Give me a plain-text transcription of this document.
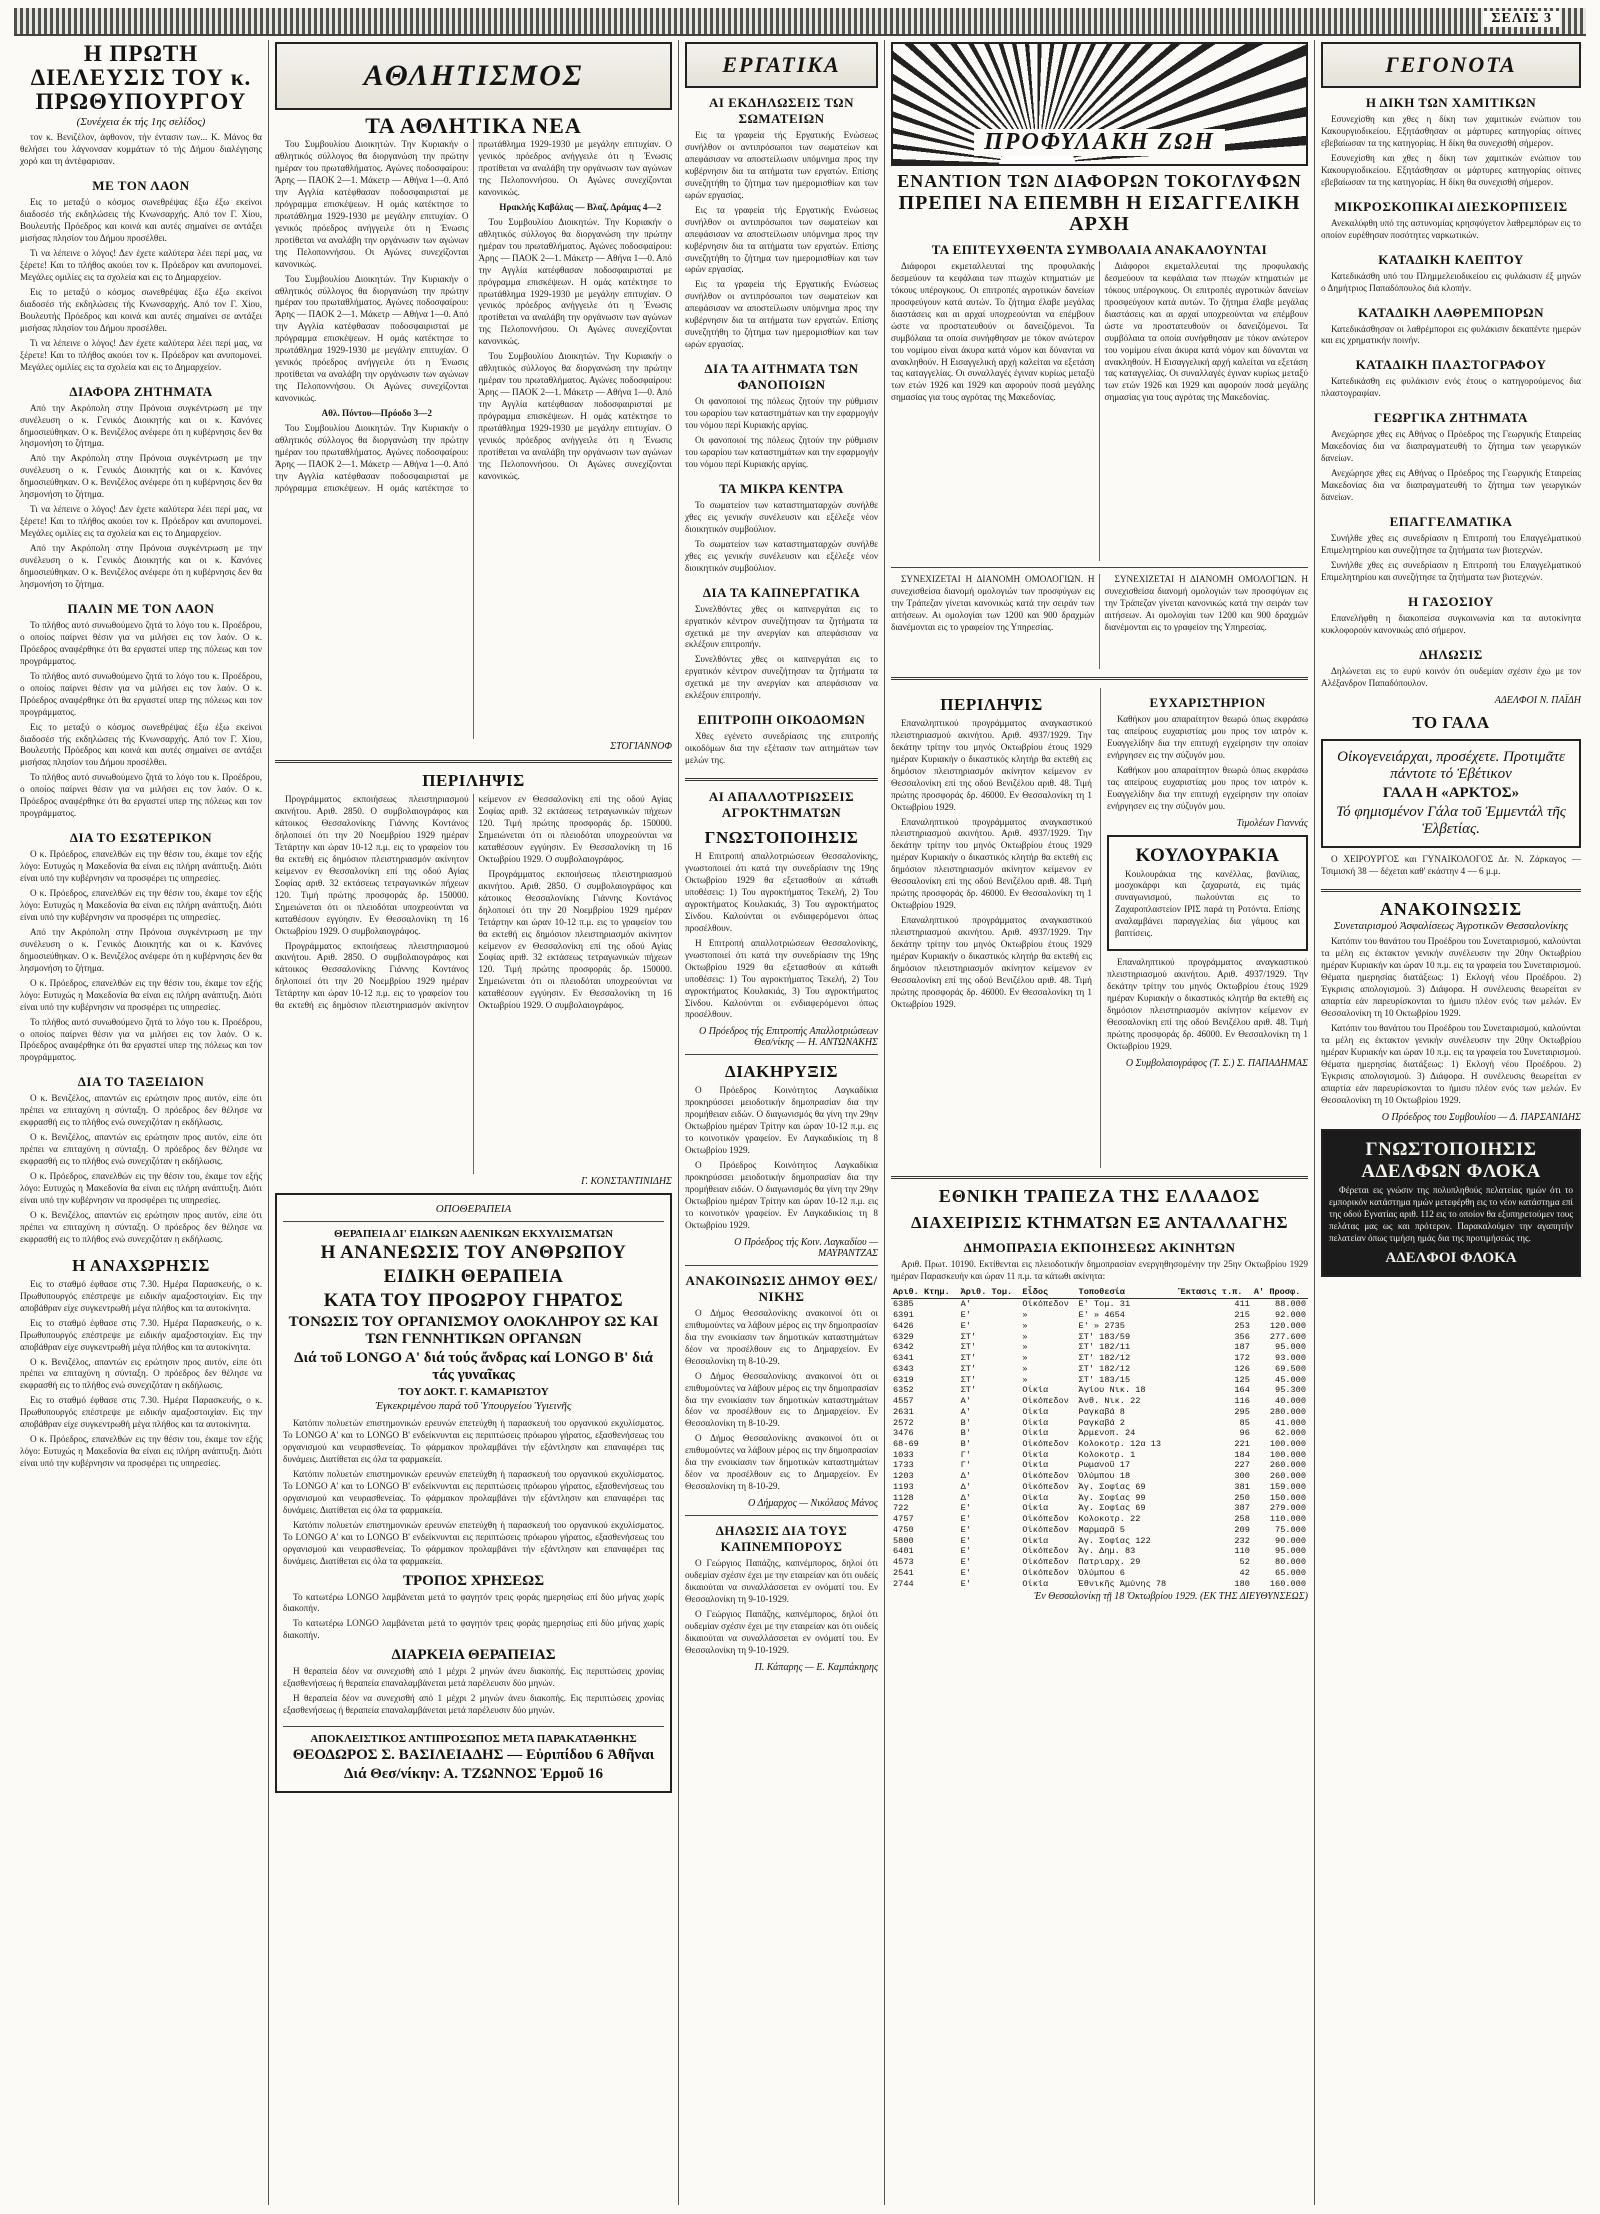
ΣΕΛΙΣ 3
Η ΠΡΩΤΗ ΔΙΕΛΕΥΣΙΣ ΤΟΥ κ. ΠΡΩΘΥΠΟΥΡΓΟΥ
(Συνέχεια έκ τής 1ης σελίδος)

τον κ. Βενιζέλον, άφθονον, τήν έντασιν των... Κ. Μάνος θα θελήσει του λάγνονσαν κυμμάτων τό τής Δήμου διαλέγησης χορό και τη άντέφαρισαν.

ΜΕ ΤΟΝ ΛΑΟΝ

Εις το μεταξύ ο κόσμος σωνεθρέψας έξω έξω εκείνοι διαδοσέσ τής εκδηλώσεις τής Κνωνσαρχής. Από τον Γ. Χίου, Βουλευτής Πρόεδρος και κοινά και αυτές σημαίνει σε αντάξει μισήσας πλησίον του Δήμου προσέλθει.

Τι να λέπεινε ο λόγος! Δεν έχετε καλύτερα λέει περί μας, να ξέρετε! Και το πλήθος ακούει τον κ. Πρόεδρον και ανυπομονεί. Μεγάλες ομιλίες εις τα σχολεία και εις το Δημαρχείον.

Εις το μεταξύ ο κόσμος σωνεθρέψας έξω έξω εκείνοι διαδοσέσ τής εκδηλώσεις τής Κνωνσαρχής. Από τον Γ. Χίου, Βουλευτής Πρόεδρος και κοινά και αυτές σημαίνει σε αντάξει μισήσας πλησίον του Δήμου προσέλθει.

Τι να λέπεινε ο λόγος! Δεν έχετε καλύτερα λέει περί μας, να ξέρετε! Και το πλήθος ακούει τον κ. Πρόεδρον και ανυπομονεί. Μεγάλες ομιλίες εις τα σχολεία και εις το Δημαρχείον.

ΔΙΑΦΟΡΑ ΖΗΤΗΜΑΤΑ

Από την Ακρόπολη στην Πρόνοια συγκέντρωση με την συνέλευση ο κ. Γενικός Διοικητής και οι κ. Κανόνες δημοσιεύθηκαν. Ο κ. Βενιζέλος ανέφερε ότι η κυβέρνησις δεν θα λησμονήση το ζήτημα.

Από την Ακρόπολη στην Πρόνοια συγκέντρωση με την συνέλευση ο κ. Γενικός Διοικητής και οι κ. Κανόνες δημοσιεύθηκαν. Ο κ. Βενιζέλος ανέφερε ότι η κυβέρνησις δεν θα λησμονήση το ζήτημα.

Τι να λέπεινε ο λόγος! Δεν έχετε καλύτερα λέει περί μας, να ξέρετε! Και το πλήθος ακούει τον κ. Πρόεδρον και ανυπομονεί. Μεγάλες ομιλίες εις τα σχολεία και εις το Δημαρχείον.

Από την Ακρόπολη στην Πρόνοια συγκέντρωση με την συνέλευση ο κ. Γενικός Διοικητής και οι κ. Κανόνες δημοσιεύθηκαν. Ο κ. Βενιζέλος ανέφερε ότι η κυβέρνησις δεν θα λησμονήση το ζήτημα.

ΠΑΛΙΝ ΜΕ ΤΟΝ ΛΑΟΝ

Το πλήθος αυτό συνωθούμενο ζητά το λόγο του κ. Προέδρου, ο οποίος παίρνει θέσιν για να μιλήσει εις τον λαόν. Ο κ. Πρόεδρος αναφέρθηκε ότι θα εργαστεί υπερ της πόλεως και τον προγράμματος.

Το πλήθος αυτό συνωθούμενο ζητά το λόγο του κ. Προέδρου, ο οποίος παίρνει θέσιν για να μιλήσει εις τον λαόν. Ο κ. Πρόεδρος αναφέρθηκε ότι θα εργαστεί υπερ της πόλεως και τον προγράμματος.

Εις το μεταξύ ο κόσμος σωνεθρέψας έξω έξω εκείνοι διαδοσέσ τής εκδηλώσεις τής Κνωνσαρχής. Από τον Γ. Χίου, Βουλευτής Πρόεδρος και κοινά και αυτές σημαίνει σε αντάξει μισήσας πλησίον του Δήμου προσέλθει.

Το πλήθος αυτό συνωθούμενο ζητά το λόγο του κ. Προέδρου, ο οποίος παίρνει θέσιν για να μιλήσει εις τον λαόν. Ο κ. Πρόεδρος αναφέρθηκε ότι θα εργαστεί υπερ της πόλεως και τον προγράμματος.

ΔΙΑ ΤΟ ΕΣΩΤΕΡΙΚΟΝ

Ο κ. Πρόεδρος, επανελθών εις την θέσιν του, έκαμε τον εξής λόγο: Ευτυχώς η Μακεδονία θα είναι εις πλήρη ανάπτυξη. Διότι είναι υπό την κυβέρνησιν να προσφέρει τις υπηρεσίες.

Ο κ. Πρόεδρος, επανελθών εις την θέσιν του, έκαμε τον εξής λόγο: Ευτυχώς η Μακεδονία θα είναι εις πλήρη ανάπτυξη. Διότι είναι υπό την κυβέρνησιν να προσφέρει τις υπηρεσίες.

Από την Ακρόπολη στην Πρόνοια συγκέντρωση με την συνέλευση ο κ. Γενικός Διοικητής και οι κ. Κανόνες δημοσιεύθηκαν. Ο κ. Βενιζέλος ανέφερε ότι η κυβέρνησις δεν θα λησμονήση το ζήτημα.

Ο κ. Πρόεδρος, επανελθών εις την θέσιν του, έκαμε τον εξής λόγο: Ευτυχώς η Μακεδονία θα είναι εις πλήρη ανάπτυξη. Διότι είναι υπό την κυβέρνησιν να προσφέρει τις υπηρεσίες.

Το πλήθος αυτό συνωθούμενο ζητά το λόγο του κ. Προέδρου, ο οποίος παίρνει θέσιν για να μιλήσει εις τον λαόν. Ο κ. Πρόεδρος αναφέρθηκε ότι θα εργαστεί υπερ της πόλεως και τον προγράμματος.

ΔΙΑ ΤΟ ΤΑΞΕΙΔΙΟΝ

Ο κ. Βενιζέλος, απαντών εις ερώτησιν προς αυτόν, είπε ότι πρέπει να επιταχύνη η σύνταξη. Ο πρόεδρος δεν θέλησε να εκφρασθή εις το πλήθος ενώ συνεχιζόταν η εκδήλωσις.

Ο κ. Βενιζέλος, απαντών εις ερώτησιν προς αυτόν, είπε ότι πρέπει να επιταχύνη η σύνταξη. Ο πρόεδρος δεν θέλησε να εκφρασθή εις το πλήθος ενώ συνεχιζόταν η εκδήλωσις.

Ο κ. Πρόεδρος, επανελθών εις την θέσιν του, έκαμε τον εξής λόγο: Ευτυχώς η Μακεδονία θα είναι εις πλήρη ανάπτυξη. Διότι είναι υπό την κυβέρνησιν να προσφέρει τις υπηρεσίες.

Ο κ. Βενιζέλος, απαντών εις ερώτησιν προς αυτόν, είπε ότι πρέπει να επιταχύνη η σύνταξη. Ο πρόεδρος δεν θέλησε να εκφρασθή εις το πλήθος ενώ συνεχιζόταν η εκδήλωσις.

Η ΑΝΑΧΩΡΗΣΙΣ

Εις το σταθμό έφθασε στις 7.30. Ημέρα Παρασκευής, ο κ. Πρωθυπουργός επέστρεψε με ειδικήν αμαξοστοιχίαν. Εις την αποβάθραν είχε συγκεντρωθή μέγα πλήθος και τα αυτοκίνητα.

Εις το σταθμό έφθασε στις 7.30. Ημέρα Παρασκευής, ο κ. Πρωθυπουργός επέστρεψε με ειδικήν αμαξοστοιχίαν. Εις την αποβάθραν είχε συγκεντρωθή μέγα πλήθος και τα αυτοκίνητα.

Ο κ. Βενιζέλος, απαντών εις ερώτησιν προς αυτόν, είπε ότι πρέπει να επιταχύνη η σύνταξη. Ο πρόεδρος δεν θέλησε να εκφρασθή εις το πλήθος ενώ συνεχιζόταν η εκδήλωσις.

Εις το σταθμό έφθασε στις 7.30. Ημέρα Παρασκευής, ο κ. Πρωθυπουργός επέστρεψε με ειδικήν αμαξοστοιχίαν. Εις την αποβάθραν είχε συγκεντρωθή μέγα πλήθος και τα αυτοκίνητα.

Ο κ. Πρόεδρος, επανελθών εις την θέσιν του, έκαμε τον εξής λόγο: Ευτυχώς η Μακεδονία θα είναι εις πλήρη ανάπτυξη. Διότι είναι υπό την κυβέρνησιν να προσφέρει τις υπηρεσίες.

ΑΘΛΗΤΙΣΜΟΣ
ΤΑ ΑΘΛΗΤΙΚΑ ΝΕΑ

Του Συμβουλίου Διοικητών. Την Κυριακήν ο αθλητικός σύλλογος θα διοργανώση την πρώτην ημέραν του πρωταθλήματος. Αγώνες ποδοσφαίρου: Άρης — ΠΑΟΚ 2—1. Μάκετρ — Αθήνα 1—0. Από την Αγγλία κατέφθασαν ποδοσφαιρισταί με πρόγραμμα επισκέψεων. Η ομάς κατέκτησε το πρωτάθλημα 1929-1930 με μεγάλην επιτυχίαν. Ο γενικός πρόεδρος ανήγγειλε ότι η Ένωσις προτίθεται να αναλάβη την οργάνωσιν των αγώνων της Πελοποννήσου. Οι Αγώνες συνεχίζονται κανονικώς.

Του Συμβουλίου Διοικητών. Την Κυριακήν ο αθλητικός σύλλογος θα διοργανώση την πρώτην ημέραν του πρωταθλήματος. Αγώνες ποδοσφαίρου: Άρης — ΠΑΟΚ 2—1. Μάκετρ — Αθήνα 1—0. Από την Αγγλία κατέφθασαν ποδοσφαιρισταί με πρόγραμμα επισκέψεων. Η ομάς κατέκτησε το πρωτάθλημα 1929-1930 με μεγάλην επιτυχίαν. Ο γενικός πρόεδρος ανήγγειλε ότι η Ένωσις προτίθεται να αναλάβη την οργάνωσιν των αγώνων της Πελοποννήσου. Οι Αγώνες συνεχίζονται κανονικώς.

Αθλ. Πόντου—Πρόοδο 3—2

Του Συμβουλίου Διοικητών. Την Κυριακήν ο αθλητικός σύλλογος θα διοργανώση την πρώτην ημέραν του πρωταθλήματος. Αγώνες ποδοσφαίρου: Άρης — ΠΑΟΚ 2—1. Μάκετρ — Αθήνα 1—0. Από την Αγγλία κατέφθασαν ποδοσφαιρισταί με πρόγραμμα επισκέψεων. Η ομάς κατέκτησε το πρωτάθλημα 1929-1930 με μεγάλην επιτυχίαν. Ο γενικός πρόεδρος ανήγγειλε ότι η Ένωσις προτίθεται να αναλάβη την οργάνωσιν των αγώνων της Πελοποννήσου. Οι Αγώνες συνεχίζονται κανονικώς.

Ηρακλής Καβάλας — Βλαζ. Δράμας 4—2

Του Συμβουλίου Διοικητών. Την Κυριακήν ο αθλητικός σύλλογος θα διοργανώση την πρώτην ημέραν του πρωταθλήματος. Αγώνες ποδοσφαίρου: Άρης — ΠΑΟΚ 2—1. Μάκετρ — Αθήνα 1—0. Από την Αγγλία κατέφθασαν ποδοσφαιρισταί με πρόγραμμα επισκέψεων. Η ομάς κατέκτησε το πρωτάθλημα 1929-1930 με μεγάλην επιτυχίαν. Ο γενικός πρόεδρος ανήγγειλε ότι η Ένωσις προτίθεται να αναλάβη την οργάνωσιν των αγώνων της Πελοποννήσου. Οι Αγώνες συνεχίζονται κανονικώς.

Του Συμβουλίου Διοικητών. Την Κυριακήν ο αθλητικός σύλλογος θα διοργανώση την πρώτην ημέραν του πρωταθλήματος. Αγώνες ποδοσφαίρου: Άρης — ΠΑΟΚ 2—1. Μάκετρ — Αθήνα 1—0. Από την Αγγλία κατέφθασαν ποδοσφαιρισταί με πρόγραμμα επισκέψεων. Η ομάς κατέκτησε το πρωτάθλημα 1929-1930 με μεγάλην επιτυχίαν. Ο γενικός πρόεδρος ανήγγειλε ότι η Ένωσις προτίθεται να αναλάβη την οργάνωσιν των αγώνων της Πελοποννήσου. Οι Αγώνες συνεχίζονται κανονικώς.

ΣΤΟΓΙΑΝΝΟΦ
ΠΕΡΙΛΗΨΙΣ

Προγράμματος εκποιήσεως πλειστηριασμού ακινήτου. Αριθ. 2850. Ο συμβολαιογράφος και κάτοικος Θεσσαλονίκης Γιάννης Κοντάνος δηλοποιεί ότι την 20 Νοεμβρίου 1929 ημέραν Τετάρτην και ώραν 10-12 π.μ. εις το γραφείον του θα εκτεθή εις δημόσιον πλειστηριασμόν ακίνητον κείμενον εν Θεσσαλονίκη επί της οδού Αγίας Σοφίας αριθ. 32 εκτάσεως τετραγωνικών πήχεων 120. Τιμή πρώτης προσφοράς δρ. 150000. Σημειώνεται ότι οι πλειοδόται υποχρεούνται να καταθέσουν εγγύησιν. Εν Θεσσαλονίκη τη 16 Οκτωβρίου 1929. Ο συμβολαιογράφος.

Προγράμματος εκποιήσεως πλειστηριασμού ακινήτου. Αριθ. 2850. Ο συμβολαιογράφος και κάτοικος Θεσσαλονίκης Γιάννης Κοντάνος δηλοποιεί ότι την 20 Νοεμβρίου 1929 ημέραν Τετάρτην και ώραν 10-12 π.μ. εις το γραφείον του θα εκτεθή εις δημόσιον πλειστηριασμόν ακίνητον κείμενον εν Θεσσαλονίκη επί της οδού Αγίας Σοφίας αριθ. 32 εκτάσεως τετραγωνικών πήχεων 120. Τιμή πρώτης προσφοράς δρ. 150000. Σημειώνεται ότι οι πλειοδόται υποχρεούνται να καταθέσουν εγγύησιν. Εν Θεσσαλονίκη τη 16 Οκτωβρίου 1929. Ο συμβολαιογράφος.

Προγράμματος εκποιήσεως πλειστηριασμού ακινήτου. Αριθ. 2850. Ο συμβολαιογράφος και κάτοικος Θεσσαλονίκης Γιάννης Κοντάνος δηλοποιεί ότι την 20 Νοεμβρίου 1929 ημέραν Τετάρτην και ώραν 10-12 π.μ. εις το γραφείον του θα εκτεθή εις δημόσιον πλειστηριασμόν ακίνητον κείμενον εν Θεσσαλονίκη επί της οδού Αγίας Σοφίας αριθ. 32 εκτάσεως τετραγωνικών πήχεων 120. Τιμή πρώτης προσφοράς δρ. 150000. Σημειώνεται ότι οι πλειοδόται υποχρεούνται να καταθέσουν εγγύησιν. Εν Θεσσαλονίκη τη 16 Οκτωβρίου 1929. Ο συμβολαιογράφος.

Γ. ΚΟΝΣΤΑΝΤΙΝΙΔΗΣ
ΟΠΟΘΕΡΑΠΕΙΑ
ΘΕΡΑΠΕΙΑ ΔΙ' ΕΙΔΙΚΩΝ ΑΔΕΝΙΚΩΝ ΕΚΧΥΛΙΣΜΑΤΩΝ
Η ΑΝΑΝΕΩΣΙΣ ΤΟΥ ΑΝΘΡΩΠΟΥ
ΕΙΔΙΚΗ ΘΕΡΑΠΕΙΑ
ΚΑΤΑ ΤΟΥ ΠΡΟΩΡΟΥ ΓΗΡΑΤΟΣ
ΤΟΝΩΣΙΣ ΤΟΥ ΟΡΓΑΝΙΣΜΟΥ ΟΛΟΚΛΗΡΟΥ ΩΣ ΚΑΙ ΤΩΝ ΓΕΝΝΗΤΙΚΩΝ ΟΡΓΑΝΩΝ
Διά τοῦ LONGO A' διά τούς ἄνδρας καί LONGO B' διά τάς γυναῖκας
ΤΟΥ ΔΟΚΤ. Γ. ΚΑΜΑΡΙΩΤΟΥ
Έγκεκριμένου παρά τοῦ Ὑπουργείου Ὑγιεινῆς

Κατόπιν πολυετών επιστημονικών ερευνών επετεύχθη ή παρασκευή του οργανικού εκχυλίσματος. Το LONGO A' και το LONGO B' ενδείκνυνται εις περιπτώσεις πρόωρου γήρατος, εξασθενήσεως του οργανισμού και νευρασθενείας. Το φάρμακον προλαμβάνει τήν εξάντλησιν και επαναφέρει τας δυνάμεις. Διατίθεται εις όλα τα φαρμακεία.

Κατόπιν πολυετών επιστημονικών ερευνών επετεύχθη ή παρασκευή του οργανικού εκχυλίσματος. Το LONGO A' και το LONGO B' ενδείκνυνται εις περιπτώσεις πρόωρου γήρατος, εξασθενήσεως του οργανισμού και νευρασθενείας. Το φάρμακον προλαμβάνει τήν εξάντλησιν και επαναφέρει τας δυνάμεις. Διατίθεται εις όλα τα φαρμακεία.

Κατόπιν πολυετών επιστημονικών ερευνών επετεύχθη ή παρασκευή του οργανικού εκχυλίσματος. Το LONGO A' και το LONGO B' ενδείκνυνται εις περιπτώσεις πρόωρου γήρατος, εξασθενήσεως του οργανισμού και νευρασθενείας. Το φάρμακον προλαμβάνει τήν εξάντλησιν και επαναφέρει τας δυνάμεις. Διατίθεται εις όλα τα φαρμακεία.

ΤΡΟΠΟΣ ΧΡΗΣΕΩΣ

Το κατωτέρω LONGO λαμβάνεται μετά το φαγητόν τρεις φοράς ημερησίως επί δύο μήνας χωρίς διακοπήν.

Το κατωτέρω LONGO λαμβάνεται μετά το φαγητόν τρεις φοράς ημερησίως επί δύο μήνας χωρίς διακοπήν.

ΔΙΑΡΚΕΙΑ ΘΕΡΑΠΕΙΑΣ

Η θεραπεία δέον να συνεχισθή από 1 μέχρι 2 μηνών άνευ διακοπής. Εις περιπτώσεις χρονίας εξασθενήσεως ή θεραπεία επαναλαμβάνεται μετά παρέλευσιν δύο μηνών.

Η θεραπεία δέον να συνεχισθή από 1 μέχρι 2 μηνών άνευ διακοπής. Εις περιπτώσεις χρονίας εξασθενήσεως ή θεραπεία επαναλαμβάνεται μετά παρέλευσιν δύο μηνών.

ΑΠΟΚΛΕΙΣΤΙΚΟΣ ΑΝΤΙΠΡΟΣΩΠΟΣ ΜΕΤΑ ΠΑΡΑΚΑΤΑΘΗΚΗΣ
ΘΕΟΔΩΡΟΣ Σ. ΒΑΣΙΛΕΙΑΔΗΣ — Εὐριπίδου 6 Ἀθῆναι
Διά Θεσ/νίκην: Α. ΤΖΩΝΝΟΣ Ἑρμοῦ 16
ΕΡΓΑΤΙΚΑ
ΑΙ ΕΚΔΗΛΩΣΕΙΣ ΤΩΝ ΣΩΜΑΤΕΙΩΝ

Εις τα γραφεία τής Εργατικής Ενώσεως συνήλθον οι αντιπρόσωποι των σωματείων και απεφάσισαν να αποστείλωσιν υπόμνημα προς την κυβέρνησιν δια τα αιτήματα των εργατών. Επίσης συνεζητήθη το ζήτημα των ημερομισθίων και των ωρών εργασίας.

Εις τα γραφεία τής Εργατικής Ενώσεως συνήλθον οι αντιπρόσωποι των σωματείων και απεφάσισαν να αποστείλωσιν υπόμνημα προς την κυβέρνησιν δια τα αιτήματα των εργατών. Επίσης συνεζητήθη το ζήτημα των ημερομισθίων και των ωρών εργασίας.

Εις τα γραφεία τής Εργατικής Ενώσεως συνήλθον οι αντιπρόσωποι των σωματείων και απεφάσισαν να αποστείλωσιν υπόμνημα προς την κυβέρνησιν δια τα αιτήματα των εργατών. Επίσης συνεζητήθη το ζήτημα των ημερομισθίων και των ωρών εργασίας.

ΔΙΑ ΤΑ ΑΙΤΗΜΑΤΑ ΤΩΝ ΦΑΝΟΠΟΙΩΝ

Οι φανοποιοί της πόλεως ζητούν την ρύθμισιν του ωραρίου των καταστημάτων και την εφαρμογήν του νόμου περί Κυριακής αργίας.

Οι φανοποιοί της πόλεως ζητούν την ρύθμισιν του ωραρίου των καταστημάτων και την εφαρμογήν του νόμου περί Κυριακής αργίας.

ΤΑ ΜΙΚΡΑ ΚΕΝΤΡΑ

Το σωματείον των καταστηματαρχών συνήλθε χθες εις γενικήν συνέλευσιν και εξέλεξε νέον διοικητικόν συμβούλιον.

Το σωματείον των καταστηματαρχών συνήλθε χθες εις γενικήν συνέλευσιν και εξέλεξε νέον διοικητικόν συμβούλιον.

ΔΙΑ ΤΑ ΚΑΠΝΕΡΓΑΤΙΚΑ

Συνελθόντες χθες οι καπνεργάται εις το εργατικόν κέντρον συνεζήτησαν τα ζητήματα τα σχετικά με την ανεργίαν και απεφάσισαν να εκλέξουν επιτροπήν.

Συνελθόντες χθες οι καπνεργάται εις το εργατικόν κέντρον συνεζήτησαν τα ζητήματα τα σχετικά με την ανεργίαν και απεφάσισαν να εκλέξουν επιτροπήν.

ΕΠΙΤΡΟΠΗ ΟΙΚΟΔΟΜΩΝ

Χθες εγένετο συνεδρίασις της επιτροπής οικοδόμων δια την εξέτασιν των αιτημάτων των μελών της.

ΑΙ ΑΠΑΛΛΟΤΡΙΩΣΕΙΣ ΑΓΡΟΚΤΗΜΑΤΩΝ
ΓΝΩΣΤΟΠΟΙΗΣΙΣ

Η Επιτροπή απαλλοτριώσεων Θεσσαλονίκης, γνωστοποιεί ότι κατά την συνεδρίασιν της 19ης Οκτωβρίου 1929 θα εξετασθούν αι κάτωθι υποθέσεις: 1) Του αγροκτήματος Τεκελή, 2) Του αγροκτήματος Κουλακιάς, 3) Του αγροκτήματος Σίνδου. Καλούνται οι ενδιαφερόμενοι όπως προσέλθουν.

Η Επιτροπή απαλλοτριώσεων Θεσσαλονίκης, γνωστοποιεί ότι κατά την συνεδρίασιν της 19ης Οκτωβρίου 1929 θα εξετασθούν αι κάτωθι υποθέσεις: 1) Του αγροκτήματος Τεκελή, 2) Του αγροκτήματος Κουλακιάς, 3) Του αγροκτήματος Σίνδου. Καλούνται οι ενδιαφερόμενοι όπως προσέλθουν.

Ο Πρόεδρος τής Επιτροπής Απαλλοτριώσεων Θεσ/νίκης — Η. ΑΝΤΩΝΑΚΗΣ
ΔΙΑΚΗΡΥΞΙΣ

Ο Πρόεδρος Κοινότητος Λαγκαδίκια προκηρύσσει μειοδοτικήν δημοπρασίαν δια την προμήθειαν ειδών. Ο διαγωνισμός θα γίνη την 29ην Οκτωβρίου ημέραν Τρίτην και ώραν 10-12 π.μ. εις το κοινοτικόν γραφείον. Εν Λαγκαδικίοις τη 8 Οκτωβρίου 1929.

Ο Πρόεδρος Κοινότητος Λαγκαδίκια προκηρύσσει μειοδοτικήν δημοπρασίαν δια την προμήθειαν ειδών. Ο διαγωνισμός θα γίνη την 29ην Οκτωβρίου ημέραν Τρίτην και ώραν 10-12 π.μ. εις το κοινοτικόν γραφείον. Εν Λαγκαδικίοις τη 8 Οκτωβρίου 1929.

Ο Πρόεδρος τής Κοιν. Λαγκαδίου — ΜΑΥΡΑΝΤΖΑΣ
ΑΝΑΚΟΙΝΩΣΙΣ ΔΗΜΟΥ ΘΕΣ/ΝΙΚΗΣ

Ο Δήμος Θεσσαλονίκης ανακοινοί ότι οι επιθυμούντες να λάβουν μέρος εις την δημοπρασίαν δια την ενοικίασιν των δημοτικών καταστημάτων δέον να προσέλθουν εις το Δημαρχείον. Εν Θεσσαλονίκη τη 8-10-29.

Ο Δήμος Θεσσαλονίκης ανακοινοί ότι οι επιθυμούντες να λάβουν μέρος εις την δημοπρασίαν δια την ενοικίασιν των δημοτικών καταστημάτων δέον να προσέλθουν εις το Δημαρχείον. Εν Θεσσαλονίκη τη 8-10-29.

Ο Δήμος Θεσσαλονίκης ανακοινοί ότι οι επιθυμούντες να λάβουν μέρος εις την δημοπρασίαν δια την ενοικίασιν των δημοτικών καταστημάτων δέον να προσέλθουν εις το Δημαρχείον. Εν Θεσσαλονίκη τη 8-10-29.

Ο Δήμαρχος — Νικόλαος Μάνος
ΔΗΛΩΣΙΣ ΔΙΑ ΤΟΥΣ ΚΑΠΝΕΜΠΟΡΟΥΣ

Ο Γεώργιος Παπάζης, καπνέμπορος, δηλοί ότι ουδεμίαν σχέσιν έχει με την εταιρείαν και ότι ουδείς δικαιούται να συναλλάσσεται εν ονόματί του. Εν Θεσσαλονίκη τη 9-10-1929.

Ο Γεώργιος Παπάζης, καπνέμπορος, δηλοί ότι ουδεμίαν σχέσιν έχει με την εταιρείαν και ότι ουδείς δικαιούται να συναλλάσσεται εν ονόματί του. Εν Θεσσαλονίκη τη 9-10-1929.

Π. Κάπαρης — Ε. Καμπάκηρης
ΠΡΟΦΥΛΑΚΗ ΖΩΗ
ΕΝΑΝΤΙΟΝ ΤΩΝ ΔΙΑΦΟΡΩΝ ΤΟΚΟΓΛΥΦΩΝ
ΠΡΕΠΕΙ ΝΑ ΕΠΕΜΒΗ Η ΕΙΣΑΓΓΕΛΙΚΗ ΑΡΧΗ
ΤΑ ΕΠΙΤΕΥΧΘΕΝΤΑ ΣΥΜΒΟΛΑΙΑ ΑΝΑΚΑΛΟΥΝΤΑΙ

Διάφοροι εκμεταλλευταί της προφυλακής δεσμεύουν τα κεφάλαια των πτωχών κτηματιών με τόκους υπέρογκους. Οι επιτροπές αγροτικών δανείων προσφεύγουν κατά αυτών. Το ζήτημα έλαβε μεγάλας διαστάσεις και αι αρχαί υποχρεούνται να επέμβουν ώστε να προστατευθούν οι δανειζόμενοι. Τα συμβόλαια τα οποία συνήφθησαν με τόκον ανώτερον του νομίμου είναι άκυρα κατά νόμον και δύνανται να ανακληθούν. Η Εισαγγελική αρχή καλείται να εξετάση τας καταγγελίας. Οι συναλλαγές έγιναν κυρίως μεταξύ των ετών 1926 και 1929 και αφορούν ποσά μεγάλης σημασίας για τους αγρότας της Μακεδονίας.

Διάφοροι εκμεταλλευταί της προφυλακής δεσμεύουν τα κεφάλαια των πτωχών κτηματιών με τόκους υπέρογκους. Οι επιτροπές αγροτικών δανείων προσφεύγουν κατά αυτών. Το ζήτημα έλαβε μεγάλας διαστάσεις και αι αρχαί υποχρεούνται να επέμβουν ώστε να προστατευθούν οι δανειζόμενοι. Τα συμβόλαια τα οποία συνήφθησαν με τόκον ανώτερον του νομίμου είναι άκυρα κατά νόμον και δύνανται να ανακληθούν. Η Εισαγγελική αρχή καλείται να εξετάση τας καταγγελίας. Οι συναλλαγές έγιναν κυρίως μεταξύ των ετών 1926 και 1929 και αφορούν ποσά μεγάλης σημασίας για τους αγρότας της Μακεδονίας.

ΣΥΝΕΧΙΖΕΤΑΙ Η ΔΙΑΝΟΜΗ ΟΜΟΛΟΓΙΩΝ. Η συνεχισθείσα διανομή ομολογιών των προσφύγων εις την Τράπεζαν γίνεται κανονικώς κατά την σειράν των αιτήσεων. Αι ομολογίαι των 1200 και 900 δραχμών διανέμονται εις το γραφείον της Υπηρεσίας.

ΣΥΝΕΧΙΖΕΤΑΙ Η ΔΙΑΝΟΜΗ ΟΜΟΛΟΓΙΩΝ. Η συνεχισθείσα διανομή ομολογιών των προσφύγων εις την Τράπεζαν γίνεται κανονικώς κατά την σειράν των αιτήσεων. Αι ομολογίαι των 1200 και 900 δραχμών διανέμονται εις το γραφείον της Υπηρεσίας.

ΠΕΡΙΛΗΨΙΣ

Επαναληπτικού προγράμματος αναγκαστικού πλειστηριασμού ακινήτου. Αριθ. 4937/1929. Την δεκάτην τρίτην του μηνός Οκτωβρίου έτους 1929 ημέραν Κυριακήν ο δικαστικός κλητήρ θα εκτεθή εις δημόσιον πλειστηριασμόν ακίνητον κείμενον εν Θεσσαλονίκη επί της οδού Βενιζέλου αριθ. 48. Τιμή πρώτης προσφοράς δρ. 46000. Εν Θεσσαλονίκη τη 1 Οκτωβρίου 1929.

Επαναληπτικού προγράμματος αναγκαστικού πλειστηριασμού ακινήτου. Αριθ. 4937/1929. Την δεκάτην τρίτην του μηνός Οκτωβρίου έτους 1929 ημέραν Κυριακήν ο δικαστικός κλητήρ θα εκτεθή εις δημόσιον πλειστηριασμόν ακίνητον κείμενον εν Θεσσαλονίκη επί της οδού Βενιζέλου αριθ. 48. Τιμή πρώτης προσφοράς δρ. 46000. Εν Θεσσαλονίκη τη 1 Οκτωβρίου 1929.

Επαναληπτικού προγράμματος αναγκαστικού πλειστηριασμού ακινήτου. Αριθ. 4937/1929. Την δεκάτην τρίτην του μηνός Οκτωβρίου έτους 1929 ημέραν Κυριακήν ο δικαστικός κλητήρ θα εκτεθή εις δημόσιον πλειστηριασμόν ακίνητον κείμενον εν Θεσσαλονίκη επί της οδού Βενιζέλου αριθ. 48. Τιμή πρώτης προσφοράς δρ. 46000. Εν Θεσσαλονίκη τη 1 Οκτωβρίου 1929.

ΕΥΧΑΡΙΣΤΗΡΙΟΝ

Καθήκον μου απαραίτητον θεωρώ όπως εκφράσω τας απείρους ευχαριστίας μου προς τον ιατρόν κ. Ευαγγελίδην δια την επιτυχή εγχείρησιν την οποίαν ενήργησεν εις την σύζυγόν μου.

Καθήκον μου απαραίτητον θεωρώ όπως εκφράσω τας απείρους ευχαριστίας μου προς τον ιατρόν κ. Ευαγγελίδην δια την επιτυχή εγχείρησιν την οποίαν ενήργησεν εις την σύζυγόν μου.

Τιμολέων Γιαννάς
ΚΟΥΛΟΥΡΑΚΙΑ

Κουλουράκια της κανέλλας, βανίλιας, μοσχοκάρφι και ζαχαρωτά, εις τιμάς συναγωνισμού, πωλούνται εις το Ζαχαροπλαστείον ΙΡΙΣ παρά τη Ροτόντα. Επίσης αναλαμβάνει παραγγελίας δια γάμους και βαπτίσεις.

Επαναληπτικού προγράμματος αναγκαστικού πλειστηριασμού ακινήτου. Αριθ. 4937/1929. Την δεκάτην τρίτην του μηνός Οκτωβρίου έτους 1929 ημέραν Κυριακήν ο δικαστικός κλητήρ θα εκτεθή εις δημόσιον πλειστηριασμόν ακίνητον κείμενον εν Θεσσαλονίκη επί της οδού Βενιζέλου αριθ. 48. Τιμή πρώτης προσφοράς δρ. 46000. Εν Θεσσαλονίκη τη 1 Οκτωβρίου 1929.

Ο Συμβολαιογράφος (Τ. Σ.) Σ. ΠΑΠΑΔΗΜΑΣ
ΕΘΝΙΚΗ ΤΡΑΠΕΖΑ ΤΗΣ ΕΛΛΑΔΟΣ
ΔΙΑΧΕΙΡΙΣΙΣ ΚΤΗΜΑΤΩΝ ΕΞ ΑΝΤΑΛΛΑΓΗΣ
ΔΗΜΟΠΡΑΣΙΑ ΕΚΠΟΙΗΣΕΩΣ ΑΚΙΝΗΤΩΝ

Αριθ. Πρωτ. 10190. Εκτίθενται εις πλειοδοτικήν δημοπρασίαν ενεργηθησομένην την 25ην Οκτωβρίου 1929 ημέραν Παρασκευήν και ώραν 11 π.μ. τα κάτωθι ακίνητα:

Αριθ. Κτημ.	Ἀριθ. Τομ.	Εἶδος	Τοποθεσία	Ἔκτασις τ.π.	Α' Προσφ.
6385	Α'	Οἰκόπεδον	Ε' Τομ. 31	411	88.000
6391	Ε'	»	Ε' » 4654	215	92.000
6426	Ε'	»	Ε' » 2735	253	120.000
6329	ΣΤ'	»	ΣΤ' 183/59	356	277.600
6342	ΣΤ'	»	ΣΤ' 182/11	187	95.000
6341	ΣΤ'	»	ΣΤ' 182/12	172	93.000
6343	ΣΤ'	»	ΣΤ' 182/12	126	69.500
6319	ΣΤ'	»	ΣΤ' 183/15	125	45.000
6352	ΣΤ'	Οἰκία	Ἀγίου Νικ. 18	164	95.300
4557	Α'	Οἰκόπεδον	Ἀνθ. Νικ. 22	116	40.000
2631	Α'	Οἰκία	Ραγκαβά 8	295	280.000
2572	Β'	Οἰκία	Ραγκαβά 2	85	41.000
3476	Β'	Οἰκία	Ἀρμενοπ. 24	96	62.000
68-69	Β'	Οἰκόπεδον	Κολοκοτρ. 12α 13	221	100.000
1033	Γ'	Οἰκία	Κολοκοτρ. 1	184	100.000
1733	Γ'	Οἰκία	Ρωμανοῦ 17	227	260.000
1203	Δ'	Οἰκόπεδον	Ὀλύμπου 18	300	260.000
1193	Δ'	Οἰκόπεδον	Ἀγ. Σοφίας 69	381	159.000
1128	Δ'	Οἰκία	Ἀγ. Σοφίας 99	250	150.000
722	Ε'	Οἰκία	Ἀγ. Σοφίας 69	387	279.000
4757	Ε'	Οἰκόπεδον	Κολοκοτρ. 22	258	110.000
4750	Ε'	Οἰκόπεδον	Μαρμαρᾶ 5	209	75.000
5800	Ε'	Οἰκία	Ἀγ. Σοφίας 122	232	90.000
6401	Ε'	Οἰκόπεδον	Ἀγ. Δημ. 83	110	95.000
4573	Ε'	Οἰκόπεδον	Πατριαρχ. 29	52	80.000
2541	Ε'	Οἰκόπεδον	Ὀλύμπου 6	42	65.000
2744	Ε'	Οἰκία	Ἐθνικῆς Ἀμύνης 78	180	160.000
Ἐν Θεσσαλονίκῃ τῇ 18 Ὀκτωβρίου 1929. (ΕΚ ΤΗΣ ΔΙΕΥΘΥΝΣΕΩΣ)
ΓΕΓΟΝΟΤΑ
Η ΔΙΚΗ ΤΩΝ ΧΑΜΙΤΙΚΩΝ

Εσυνεχίσθη και χθες η δίκη των χαμιτικών ενώπιον του Κακουργιοδικείου. Εξητάσθησαν οι μάρτυρες κατηγορίας οίτινες εβεβαίωσαν τα της κατηγορίας. Η δίκη θα συνεχισθή σήμερον.

Εσυνεχίσθη και χθες η δίκη των χαμιτικών ενώπιον του Κακουργιοδικείου. Εξητάσθησαν οι μάρτυρες κατηγορίας οίτινες εβεβαίωσαν τα της κατηγορίας. Η δίκη θα συνεχισθή σήμερον.

ΜΙΚΡΟΣΚΟΠΙΚΑΙ ΔΙΕΣΚΟΡΠΙΣΕΙΣ

Ανεκαλύφθη υπό της αστυνομίας κρησφύγετον λαθρεμπόρων εις το οποίον ευρέθησαν ποσότητες ναρκωτικών.

ΚΑΤΑΔΙΚΗ ΚΛΕΠΤΟΥ

Κατεδικάσθη υπό του Πλημμελειοδικείου εις φυλάκισιν έξ μηνών ο Δημήτριος Παπαδόπουλος διά κλοπήν.

ΚΑΤΑΔΙΚΗ ΛΑΘΡΕΜΠΟΡΩΝ

Κατεδικάσθησαν οι λαθρέμποροι εις φυλάκισιν δεκαπέντε ημερών και εις χρηματικήν ποινήν.

ΚΑΤΑΔΙΚΗ ΠΛΑΣΤΟΓΡΑΦΟΥ

Κατεδικάσθη εις φυλάκισιν ενός έτους ο κατηγορούμενος δια πλαστογραφίαν.

ΓΕΩΡΓΙΚΑ ΖΗΤΗΜΑΤΑ

Ανεχώρησε χθες εις Αθήνας ο Πρόεδρος της Γεωργικής Εταιρείας Μακεδονίας δια να διαπραγματευθή το ζήτημα των γεωργικών δανείων.

Ανεχώρησε χθες εις Αθήνας ο Πρόεδρος της Γεωργικής Εταιρείας Μακεδονίας δια να διαπραγματευθή το ζήτημα των γεωργικών δανείων.

ΕΠΑΓΓΕΛΜΑΤΙΚΑ

Συνήλθε χθες εις συνεδρίασιν η Επιτροπή του Επαγγελματικού Επιμελητηρίου και συνεζήτησε τα ζητήματα των βιοτεχνών.

Συνήλθε χθες εις συνεδρίασιν η Επιτροπή του Επαγγελματικού Επιμελητηρίου και συνεζήτησε τα ζητήματα των βιοτεχνών.

Η ΓΑΣΟΣΙΟΥ

Επανελήφθη η διακοπείσα συγκοινωνία και τα αυτοκίνητα κυκλοφορούν κανονικώς από σήμερον.

ΔΗΛΩΣΙΣ

Δηλώνεται εις το ευρύ κοινόν ότι ουδεμίαν σχέσιν έχω με τον Αλέξανδρον Παπαδόπουλον.

ΑΔΕΛΦΟΙ Ν. ΠΑΪΔΗ
ΤΟ ΓΑΛΑ
Οἰκογενειάρχαι, προσέχετε. Προτιμᾶτε πάντοτε τό Ἐβέτικον
ΓΑΛΑ Η «ΑΡΚΤΟΣ»
Τό φημισμένον Γάλα τοῦ Ἐμμεντάλ τῆς Ἑλβετίας.

Ο ΧΕΙΡΟΥΡΓΟΣ και ΓΥΝΑΙΚΟΛΟΓΟΣ Δr. Ν. Ζάρκαγος — Τσιμισκή 38 — δέχεται καθ' εκάστην 4 — 6 μ.μ.

ΑΝΑΚΟΙΝΩΣΙΣ
Συνεταιρισμού Ἀσφαλίσεως Ἀγροτικῶν Θεσσαλονίκης

Κατόπιν του θανάτου του Προέδρου του Συνεταιρισμού, καλούνται τα μέλη εις έκτακτον γενικήν συνέλευσιν την 20ην Οκτωβρίου ημέραν Κυριακήν και ώραν 10 π.μ. εις τα γραφεία του Συνεταιρισμού. Θέματα ημερησίας διατάξεως: 1) Εκλογή νέου Προέδρου. 2) Έγκρισις απολογισμού. 3) Διάφορα. Η συνέλευσις θεωρείται εν απαρτία εάν παρευρίσκονται το ήμισυ πλέον ενός των μελών. Εν Θεσσαλονίκη τη 10 Οκτωβρίου 1929.

Κατόπιν του θανάτου του Προέδρου του Συνεταιρισμού, καλούνται τα μέλη εις έκτακτον γενικήν συνέλευσιν την 20ην Οκτωβρίου ημέραν Κυριακήν και ώραν 10 π.μ. εις τα γραφεία του Συνεταιρισμού. Θέματα ημερησίας διατάξεως: 1) Εκλογή νέου Προέδρου. 2) Έγκρισις απολογισμού. 3) Διάφορα. Η συνέλευσις θεωρείται εν απαρτία εάν παρευρίσκονται το ήμισυ πλέον ενός των μελών. Εν Θεσσαλονίκη τη 10 Οκτωβρίου 1929.

Ο Πρόεδρος του Συμβουλίου — Δ. ΠΑΡΣΑΝΙΔΗΣ
ΓΝΩΣΤΟΠΟΙΗΣΙΣ ΑΔΕΛΦΩΝ ΦΛΟΚΑ

Φέρεται εις γνώσιν της πολυπληθούς πελατείας ημών ότι το εμπορικόν κατάστημα ημών μετεφέρθη εις το νέον κατάστημα επί της οδού Εγνατίας αριθ. 112 εις το οποίον θα εξυπηρετούμεν τους πελάτας μας ως και πρότερον. Παρακαλούμεν την αγαπητήν πελατείαν όπως τιμήση ημάς δια της προτιμήσεώς της.

ΑΔΕΛΦΟΙ ΦΛΟΚΑ
